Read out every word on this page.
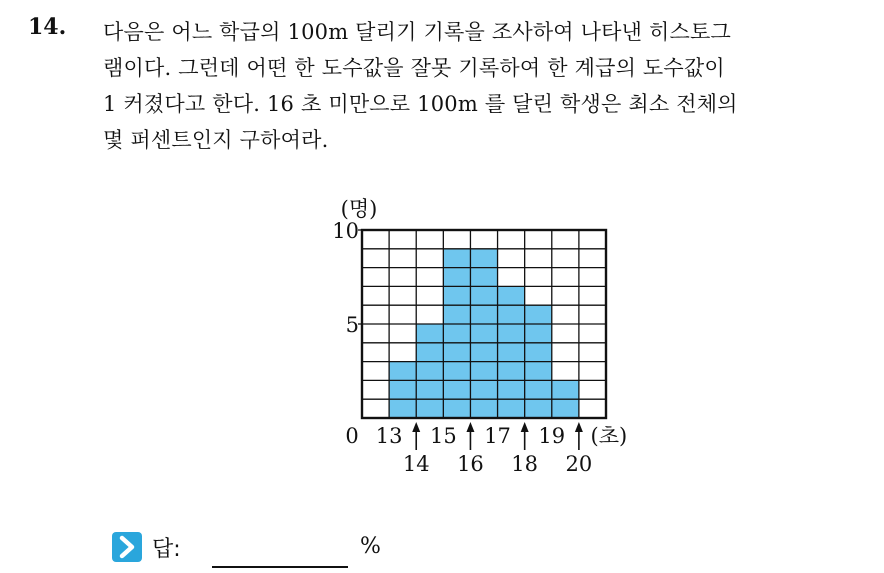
14. 다음은 어느 학급의 100m 달리기 기록을 조사하여 나타낸 히스토그
램이다. 그런데 어떤 한 도수값을 잘못 기록하여 한 계급의 도수값이
1 커졌다고 한다. 16 초 미만으로 100m 를 달린 학생은 최소 전체의
몇 퍼센트인지 구하여라.
5
10
0
(명)
13 15 17 19
14 16 18 20
(초)
답:	%
